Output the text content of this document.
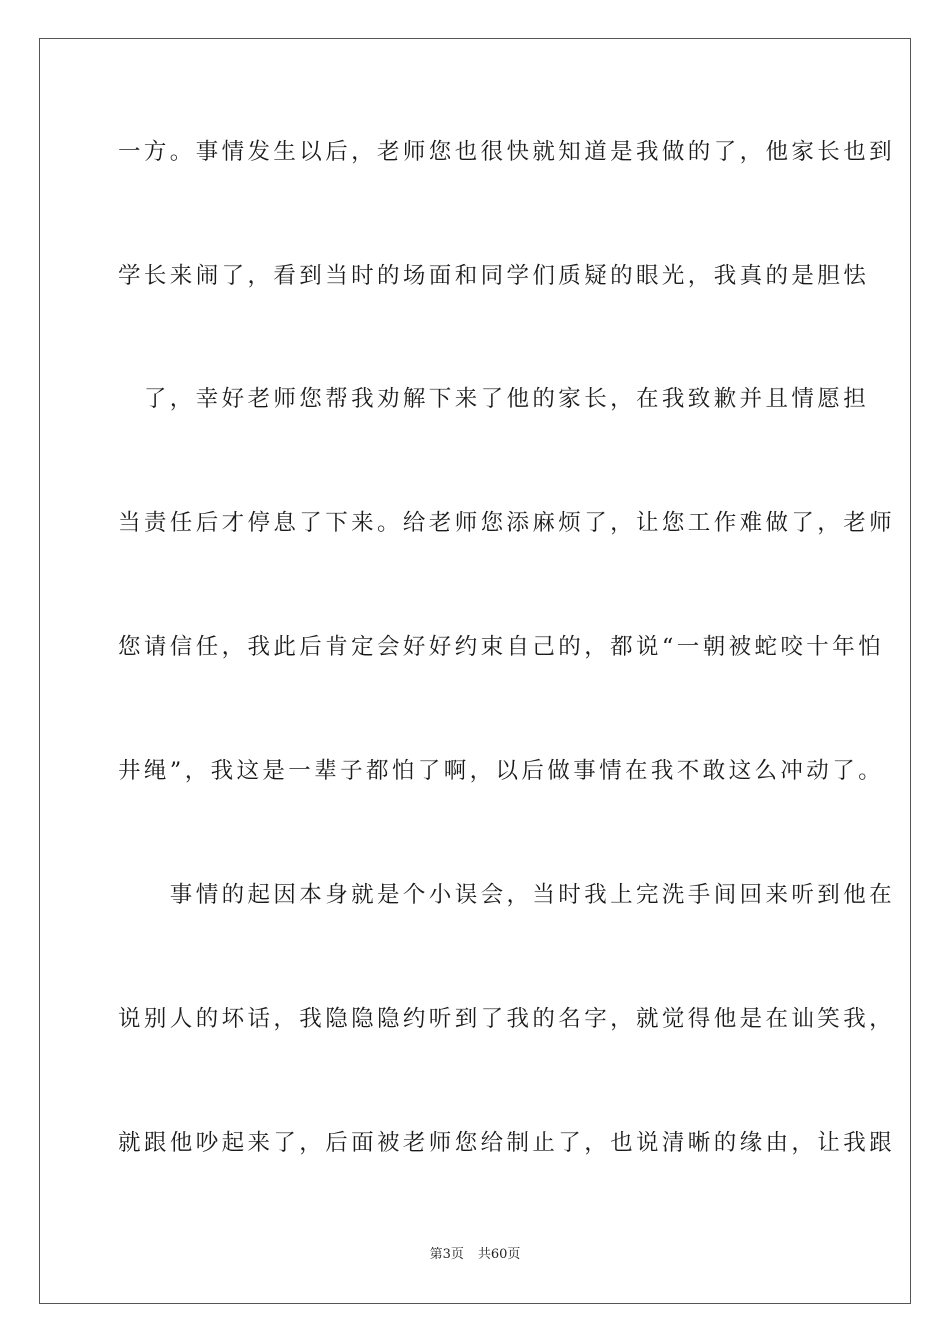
一方。事情发生以后，老师您也很快就知道是我做的了，他家长也到
学长来闹了，看到当时的场面和同学们质疑的眼光，我真的是胆怯
　了，幸好老师您帮我劝解下来了他的家长，在我致歉并且情愿担
当责任后才停息了下来。给老师您添麻烦了，让您工作难做了，老师
您请信任，我此后肯定会好好约束自己的，都说“一朝被蛇咬十年怕
井绳”，我这是一辈子都怕了啊，以后做事情在我不敢这么冲动了。
　　事情的起因本身就是个小误会，当时我上完洗手间回来听到他在
说别人的坏话，我隐隐隐约听到了我的名字，就觉得他是在讪笑我，
就跟他吵起来了，后面被老师您给制止了，也说清晰的缘由，让我跟
第3页 共60页
